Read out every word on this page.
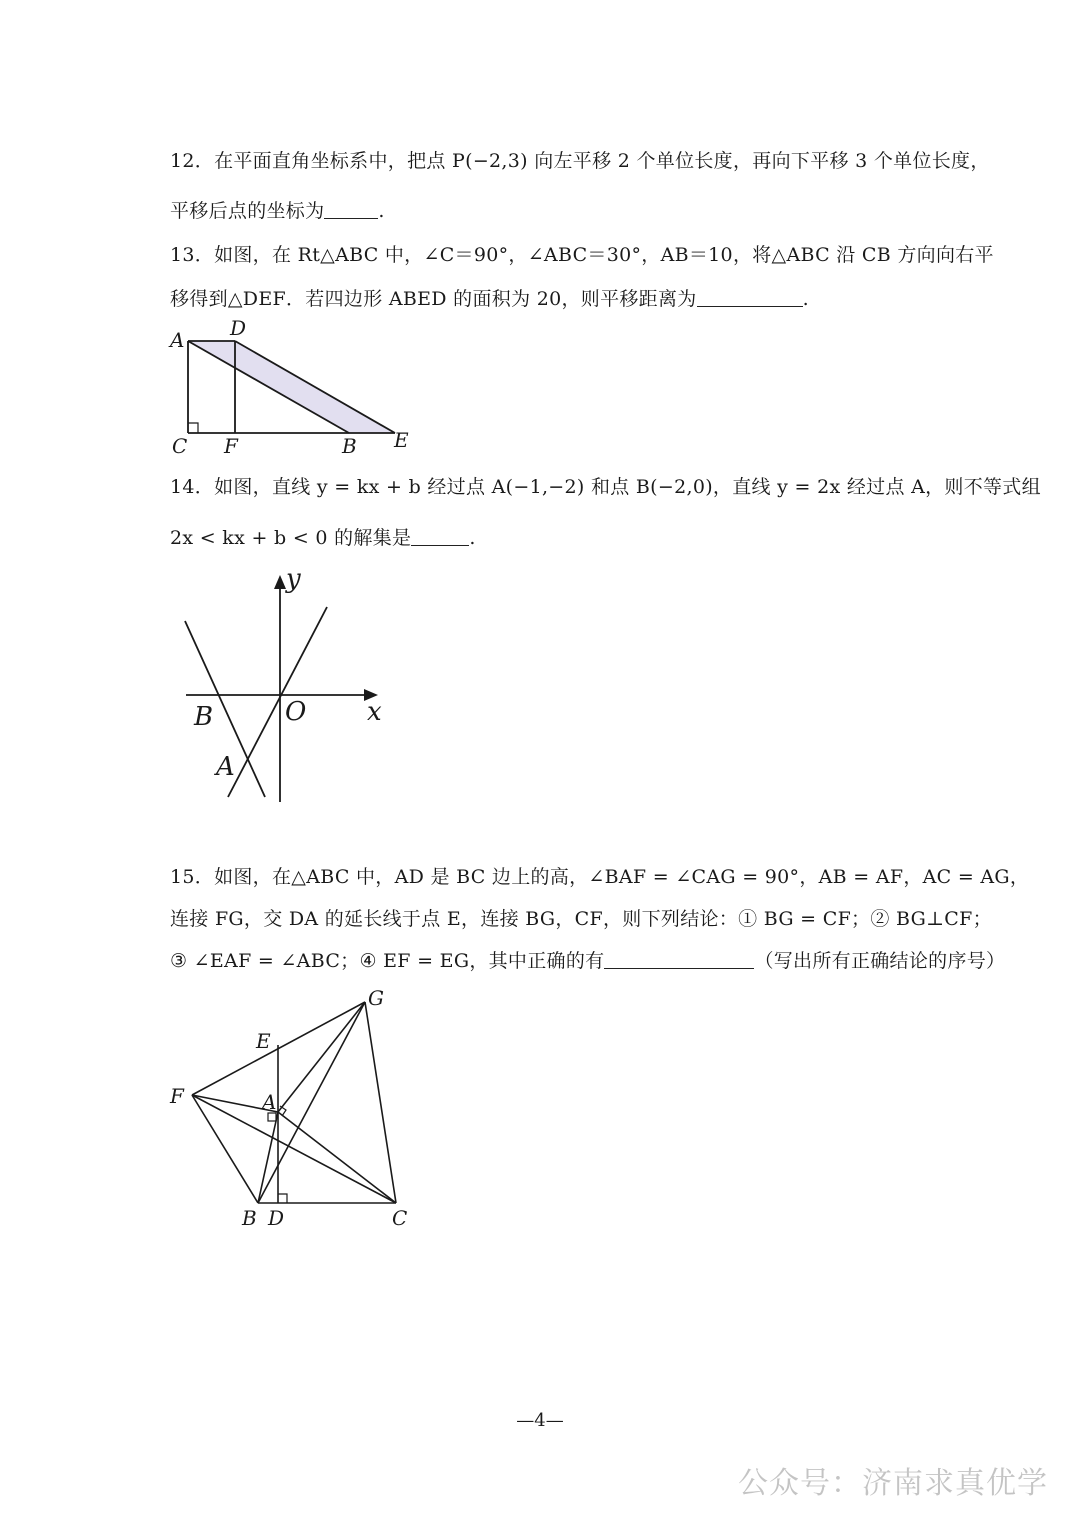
12．在平面直角坐标系中，把点 P(−2,3) 向左平移 2 个单位长度，再向下平移 3 个单位长度，
平移后点的坐标为	.
13．如图，在 Rt△ABC 中，∠C＝90°，∠ABC＝30°，AB＝10，将△ABC 沿 CB 方向向右平
移得到△DEF．若四边形 ABED 的面积为 20，则平移距离为	.
A D
C F	B E
14．如图，直线 y = kx + b 经过点 A(−1,−2) 和点 B(−2,0)，直线 y = 2x 经过点 A，则不等式组
2x < kx + b < 0 的解集是	.
y
x
B	O
A
15．如图，在△ABC 中，AD 是 BC 边上的高，∠BAF = ∠CAG = 90°，AB = AF，AC = AG，
连接 FG，交 DA 的延长线于点 E，连接 BG，CF，则下列结论：① BG = CF；② BG⊥CF；
③ ∠EAF = ∠ABC；④ EF = EG，其中正确的有	（写出所有正确结论的序号）
G
E
F	A
B D	C
—4—
公众号：济南求真优学
